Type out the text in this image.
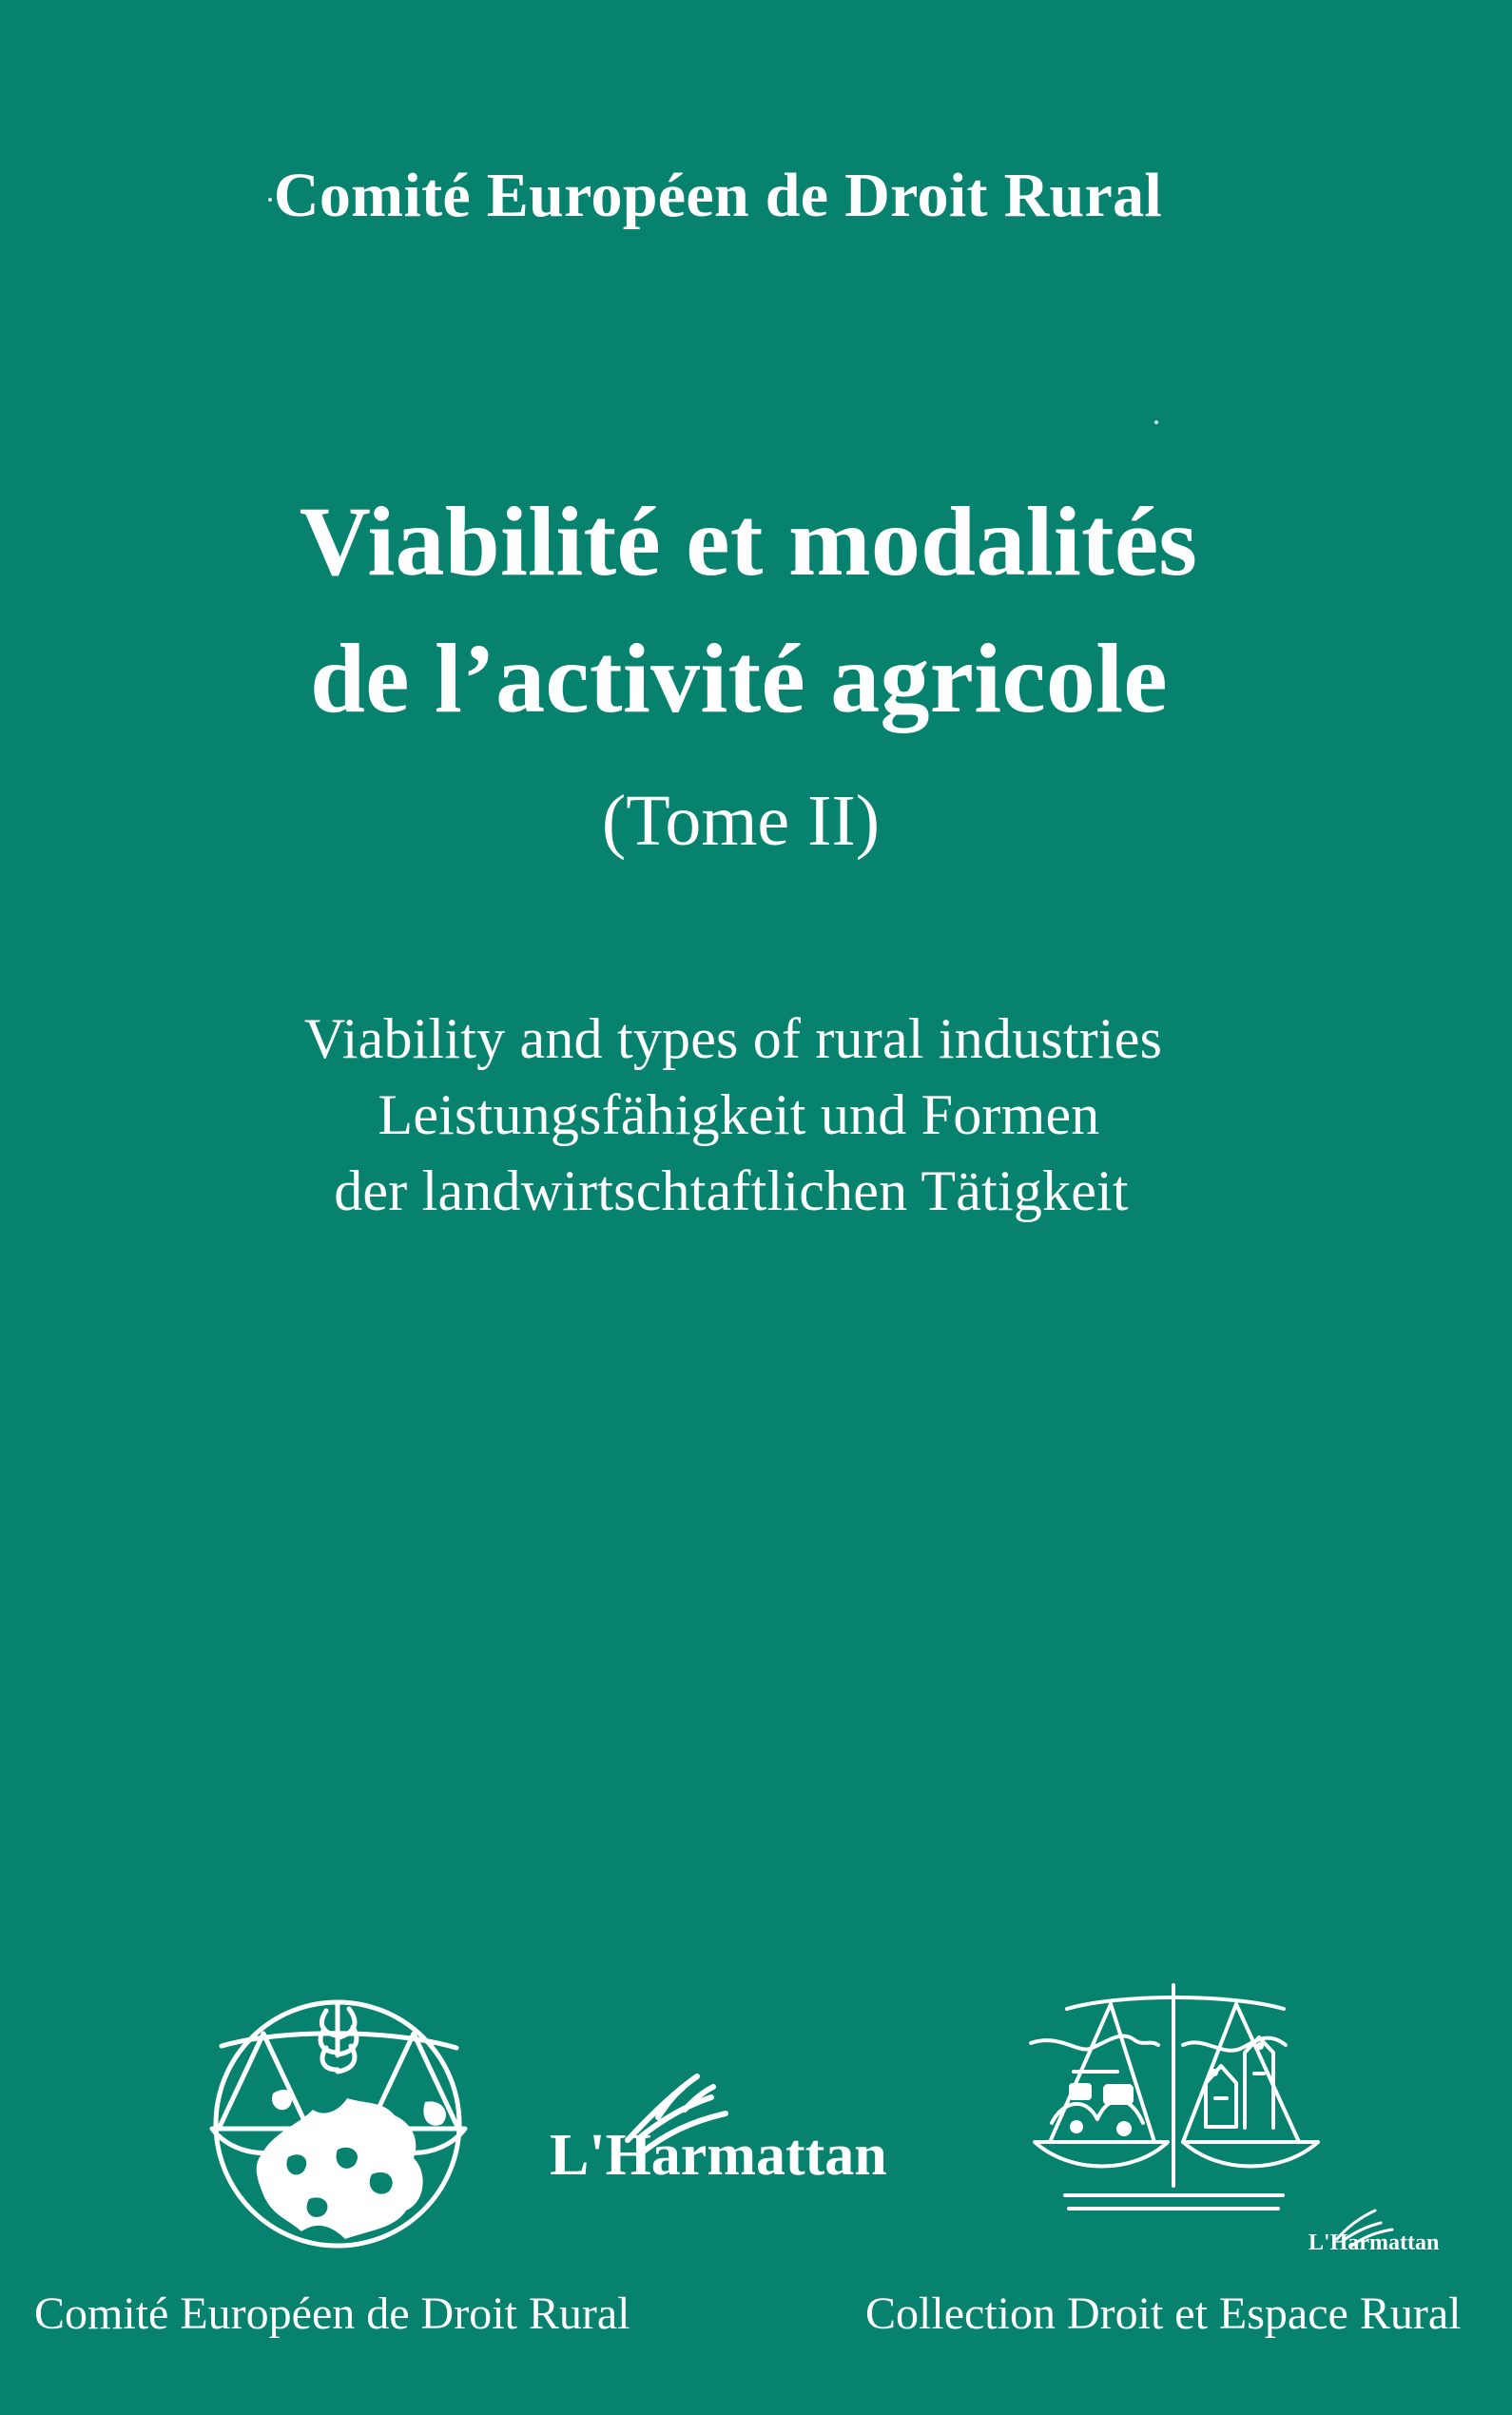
Comité Européen de Droit Rural
Viabilité et modalités
de l’activité agricole
(Tome II)
Viability and types of rural industries
Leistungsfähigkeit und Formen
der landwirtschtaftlichen Tätigkeit
L'Harmattan
L'Harmattan
Comité Européen de Droit Rural	Collection Droit et Espace Rural
